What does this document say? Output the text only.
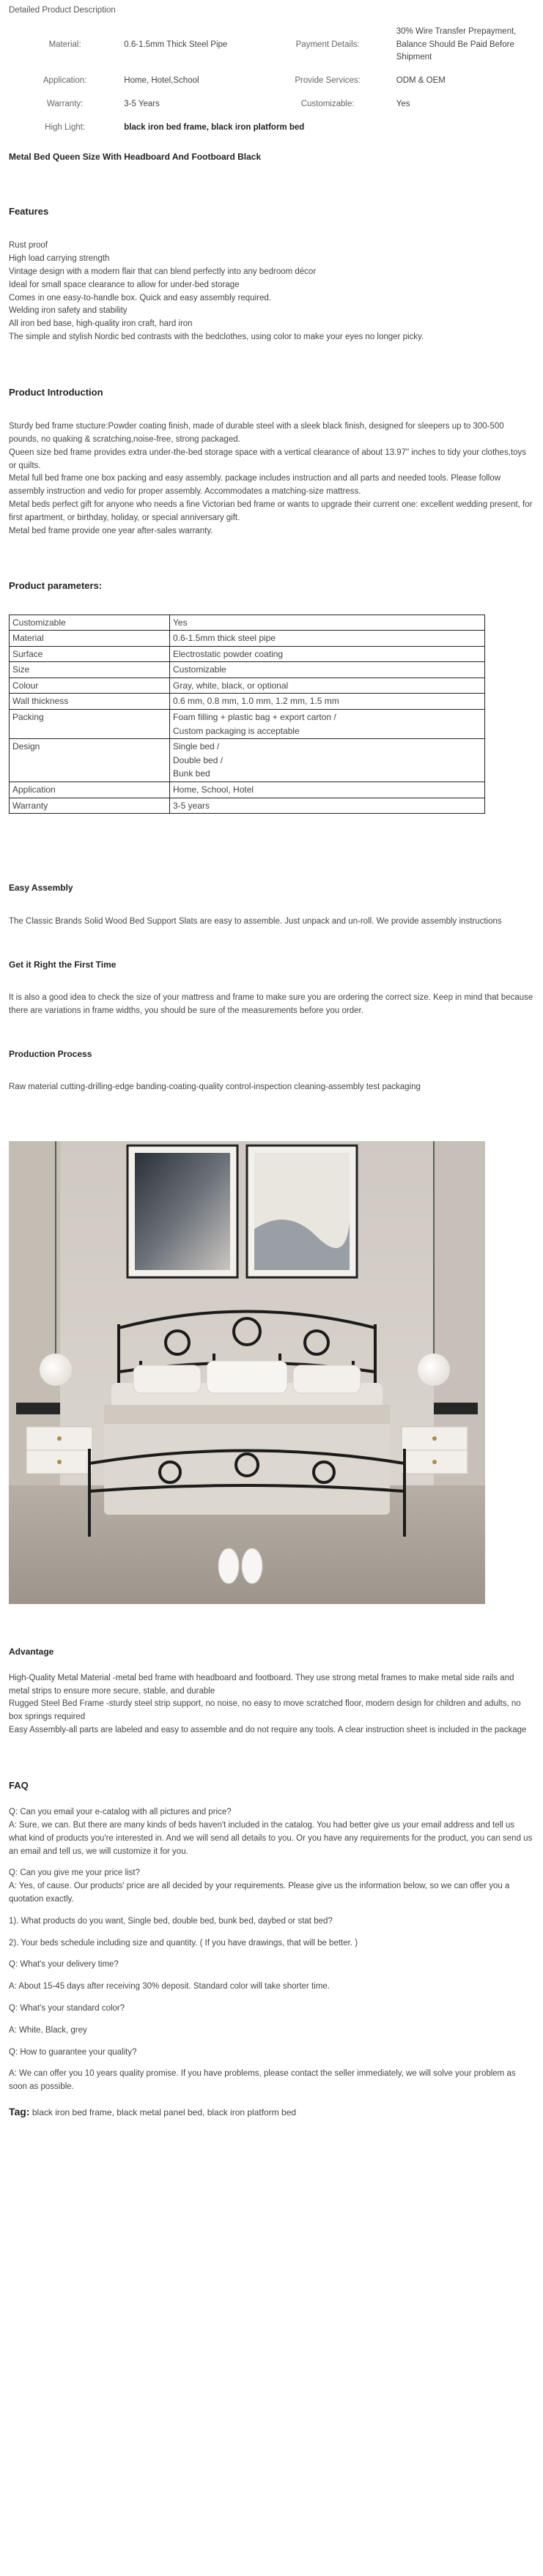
Detailed Product Description
Material:	0.6-1.5mm Thick Steel Pipe	Payment Details:	30% Wire Transfer Prepayment, Balance Should Be Paid Before Shipment
Application:	Home, Hotel,School	Provide Services:	ODM & OEM
Warranty:	3-5 Years	Customizable:	Yes
High Light:	black iron bed frame, black iron platform bed		
Metal Bed Queen Size With Headboard And Footboard Black
Features

Rust proof

High load carrying strength

Vintage design with a modern flair that can blend perfectly into any bedroom décor

Ideal for small space clearance to allow for under-bed storage

Comes in one easy-to-handle box. Quick and easy assembly required.

Welding iron safety and stability

All iron bed base, high-quality iron craft, hard iron

The simple and stylish Nordic bed contrasts with the bedclothes, using color to make your eyes no longer picky.

Product Introduction

Sturdy bed frame stucture:Powder coating finish, made of durable steel with a sleek black finish, designed for sleepers up to 300-500 pounds, no quaking & scratching,noise-free, strong packaged.

Queen size bed frame provides extra under-the-bed storage space with a vertical clearance of about 13.97" inches to tidy your clothes,toys or quilts.

Metal full bed frame one box packing and easy assembly. package includes instruction and all parts and needed tools. Please follow assembly instruction and vedio for proper assembly. Accommodates a matching-size mattress.

Metal beds perfect gift for anyone who needs a fine Victorian bed frame or wants to upgrade their current one: excellent wedding present, for first apartment, or birthday, holiday, or special anniversary gift.

Metal bed frame provide one year after-sales warranty.

Product parameters:
Customizable	Yes

Material	0.6-1.5mm thick steel pipe

Surface	Electrostatic powder coating

Size	Customizable

Colour	Gray, white, black, or optional

Wall thickness	0.6 mm, 0.8 mm, 1.0 mm, 1.2 mm, 1.5 mm

Packing	Foam filling + plastic bag + export carton /
Custom packaging is acceptable

Design	Single bed /
Double bed /
Bunk bed

Application	Home, School, Hotel

Warranty	3-5 years
Easy Assembly

The Classic Brands Solid Wood Bed Support Slats are easy to assemble. Just unpack and un-roll. We provide assembly instructions

Get it Right the First Time

It is also a good idea to check the size of your mattress and frame to make sure you are ordering the correct size. Keep in mind that because there are variations in frame widths, you should be sure of the measurements before you order.

Production Process

Raw material cutting-drilling-edge banding-coating-quality control-inspection cleaning-assembly test packaging

Advantage

High-Quality Metal Material -metal bed frame with headboard and footboard. They use strong metal frames to make metal side rails and metal strips to ensure more secure, stable, and durable

Rugged Steel Bed Frame -sturdy steel strip support, no noise, no easy to move scratched floor, modern design for children and adults, no box springs required

Easy Assembly-all parts are labeled and easy to assemble and do not require any tools. A clear instruction sheet is included in the package

FAQ

Q: Can you email your e-catalog with all pictures and price?

A: Sure, we can. But there are many kinds of beds haven't included in the catalog. You had better give us your email address and tell us what kind of products you're interested in. And we will send all details to you. Or you have any requirements for the product, you can send us an email and tell us, we will customize it for you.

Q: Can you give me your price list?

A: Yes, of cause. Our products' price are all decided by your requirements. Please give us the information below, so we can offer you a quotation exactly.

1). What products do you want, Single bed, double bed, bunk bed, daybed or stat bed?

2). Your beds schedule including size and quantity. ( If you have drawings, that will be better. )

Q: What's your delivery time?

A: About 15-45 days after receiving 30% deposit. Standard color will take shorter time.

Q: What's your standard color?

A: White, Black, grey

Q: How to guarantee your quality?

A: We can offer you 10 years quality promise. If you have problems, please contact the seller immediately, we will solve your problem as soon as possible.

Tag: black iron bed frame, black metal panel bed, black iron platform bed
